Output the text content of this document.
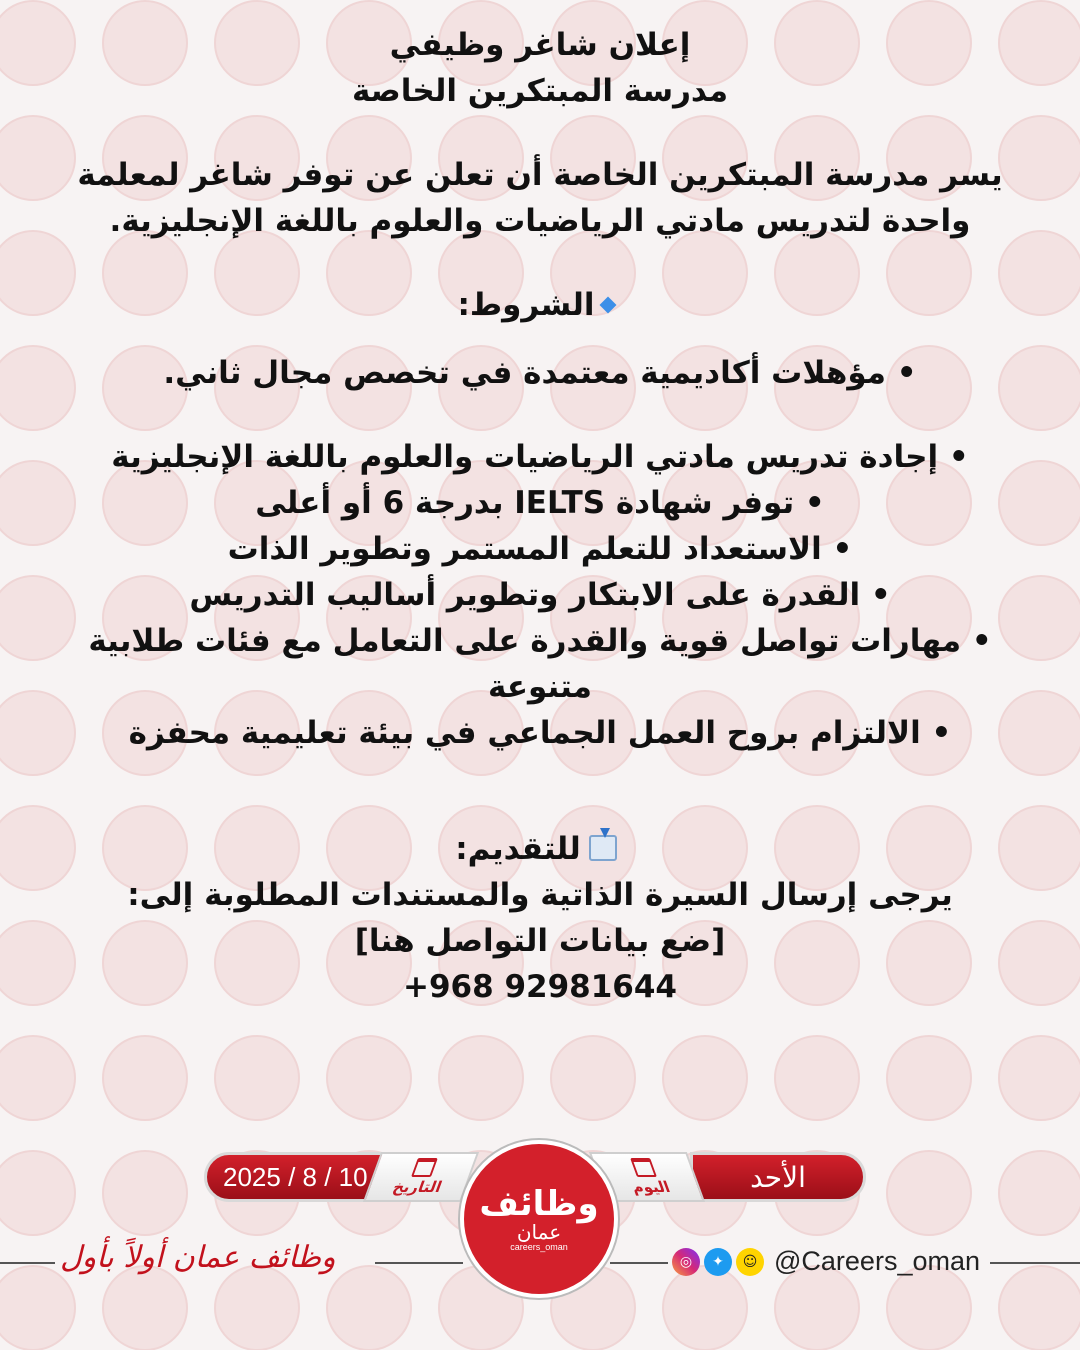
إعلان شاغر وظيفي

مدرسة المبتكرين الخاصة

يسر مدرسة المبتكرين الخاصة أن تعلن عن توفر شاغر لمعلمة واحدة لتدريس مادتي الرياضيات والعلوم باللغة الإنجليزية.

الشروط:

• مؤهلات أكاديمية معتمدة في تخصص مجال ثاني.

• إجادة تدريس مادتي الرياضيات والعلوم باللغة الإنجليزية

• توفر شهادة IELTS بدرجة 6 أو أعلى

• الاستعداد للتعلم المستمر وتطوير الذات

• القدرة على الابتكار وتطوير أساليب التدريس

• مهارات تواصل قوية والقدرة على التعامل مع فئات طلابية متنوعة

• الالتزام بروح العمل الجماعي في بيئة تعليمية محفزة

للتقديم:

يرجى إرسال السيرة الذاتية والمستندات المطلوبة إلى:

[ضع بيانات التواصل هنا]

+968 92981644

2025 / 8 / 10 التاريخ	الأحد
اليوم
وظائف
عمان
careers_oman
وظائف عمان أولاً بأول	◎	✦	☺ @Careers_oman
